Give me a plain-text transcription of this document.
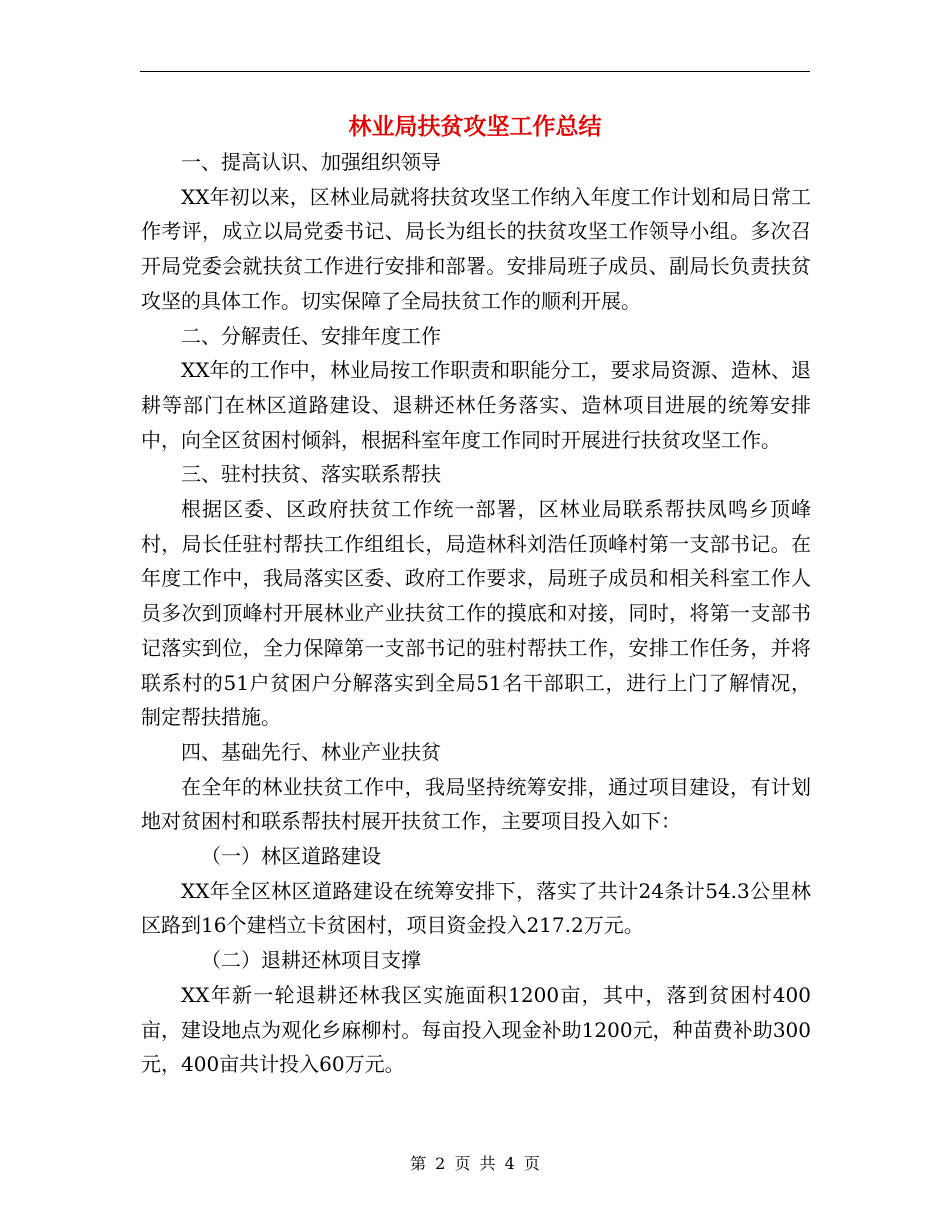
林业局扶贫攻坚工作总结

一、提高认识、加强组织领导

XX年初以来，区林业局就将扶贫攻坚工作纳入年度工作计划和局日常工作考评，成立以局党委书记、局长为组长的扶贫攻坚工作领导小组。多次召开局党委会就扶贫工作进行安排和部署。安排局班子成员、副局长负责扶贫攻坚的具体工作。切实保障了全局扶贫工作的顺利开展。

二、分解责任、安排年度工作

XX年的工作中，林业局按工作职责和职能分工，要求局资源、造林、退耕等部门在林区道路建设、退耕还林任务落实、造林项目进展的统筹安排中，向全区贫困村倾斜，根据科室年度工作同时开展进行扶贫攻坚工作。

三、驻村扶贫、落实联系帮扶

根据区委、区政府扶贫工作统一部署，区林业局联系帮扶凤鸣乡顶峰村，局长任驻村帮扶工作组组长，局造林科刘浩任顶峰村第一支部书记。在年度工作中，我局落实区委、政府工作要求，局班子成员和相关科室工作人员多次到顶峰村开展林业产业扶贫工作的摸底和对接，同时，将第一支部书记落实到位，全力保障第一支部书记的驻村帮扶工作，安排工作任务，并将联系村的51户贫困户分解落实到全局51名干部职工，进行上门了解情况，制定帮扶措施。

四、基础先行、林业产业扶贫

在全年的林业扶贫工作中，我局坚持统筹安排，通过项目建设，有计划地对贫困村和联系帮扶村展开扶贫工作，主要项目投入如下：

（一）林区道路建设

XX年全区林区道路建设在统筹安排下，落实了共计24条计54.3公里林区路到16个建档立卡贫困村，项目资金投入217.2万元。

（二）退耕还林项目支撑

XX年新一轮退耕还林我区实施面积1200亩，其中，落到贫困村400亩，建设地点为观化乡麻柳村。每亩投入现金补助1200元，种苗费补助300元，400亩共计投入60万元。

第 2 页 共 4 页
